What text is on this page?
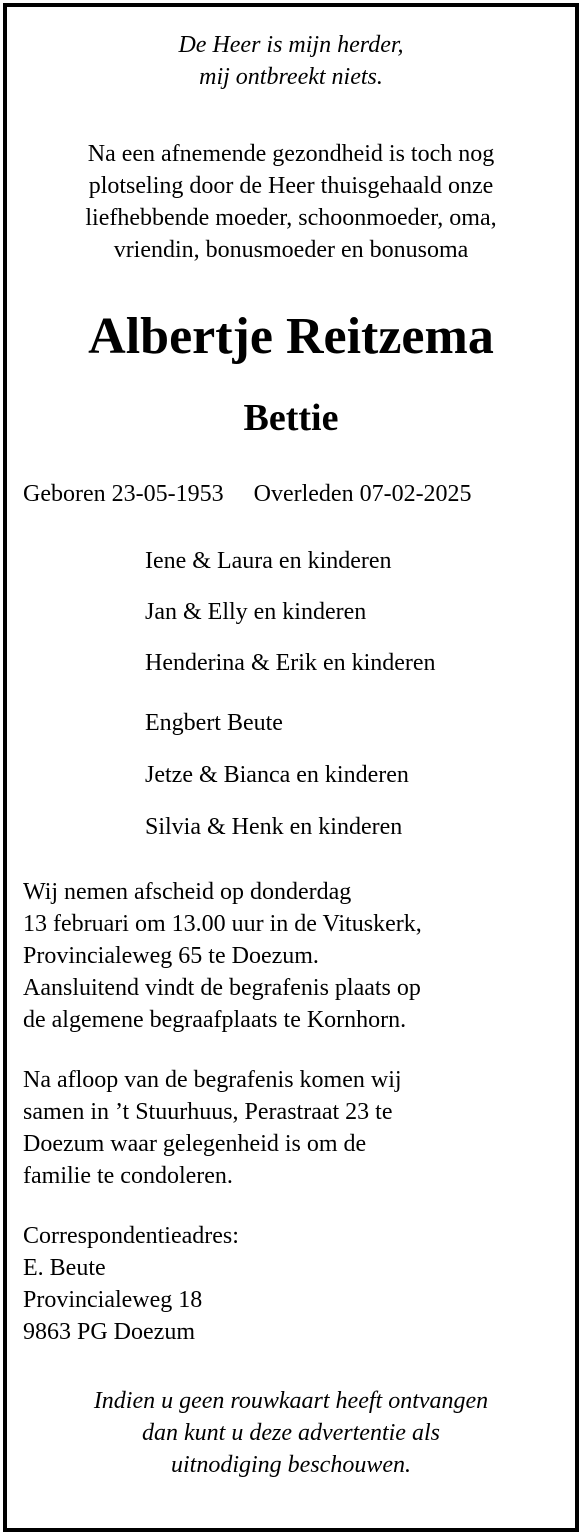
De Heer is mijn herder,
mij ontbreekt niets.
Na een afnemende gezondheid is toch nog
plotseling door de Heer thuisgehaald onze
liefhebbende moeder, schoonmoeder, oma,
vriendin, bonusmoeder en bonusoma
Albertje Reitzema
Bettie
Geboren 23-05-1953 Overleden 07-02-2025
Iene & Laura en kinderen
Jan & Elly en kinderen
Henderina & Erik en kinderen
Engbert Beute
Jetze & Bianca en kinderen
Silvia & Henk en kinderen
Wij nemen afscheid op donderdag
13 februari om 13.00 uur in de Vituskerk,
Provincialeweg 65 te Doezum.
Aansluitend vindt de begrafenis plaats op
de algemene begraafplaats te Kornhorn.
Na afloop van de begrafenis komen wij
samen in ’t Stuurhuus, Perastraat 23 te
Doezum waar gelegenheid is om de
familie te condoleren.
Correspondentieadres:
E. Beute
Provincialeweg 18
9863 PG Doezum
Indien u geen rouwkaart heeft ontvangen
dan kunt u deze advertentie als
uitnodiging beschouwen.
